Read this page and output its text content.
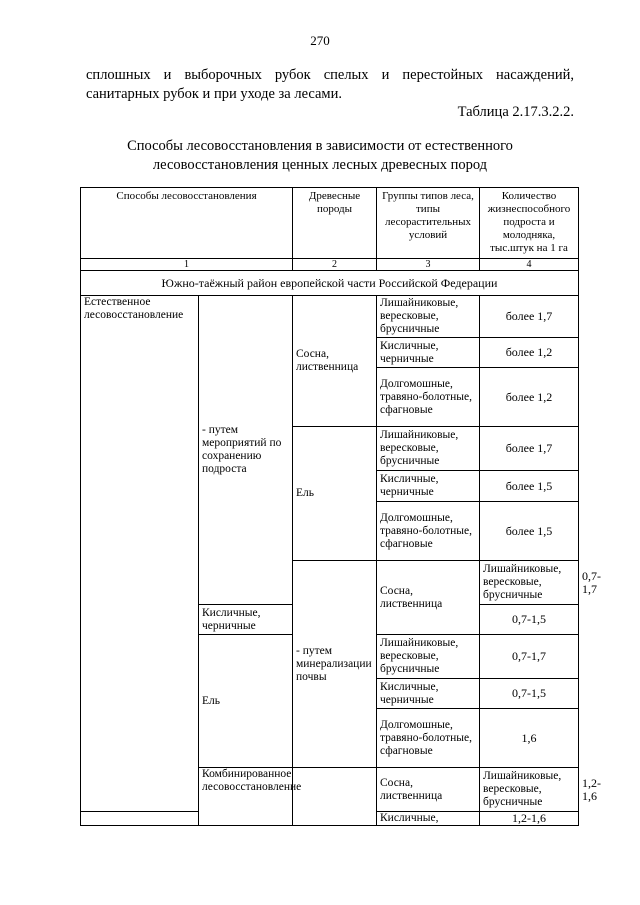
270
сплошных и выборочных рубок спелых и перестойных насаждений,
санитарных рубок и при уходе за лесами.
Таблица 2.17.3.2.2.
Способы лесовосстановления в зависимости от естественного
лесовосстановления ценных лесных древесных пород
Способы лесовосстановления		Древесные породы	Группы типов леса, типы лесорастительных условий	Количество жизнеспособного подроста и молодняка, тыс.штук на 1 га	
1		2	3	4	
Южно-таёжный район европейской части Российской Федерации					
Естественное лесовосстановление	- путем мероприятий по сохранению подроста	Сосна, лиственница	Лишайниковые, вересковые, брусничные	более 1,7	
			Кисличные, черничные	более 1,2	
			Долгомошные, травяно-болотные, сфагновые	более 1,2	
		Ель	Лишайниковые, вересковые, брусничные	более 1,7	
			Кисличные, черничные	более 1,5	
			Долгомошные, травяно-болотные, сфагновые	более 1,5	
		- путем минерализации почвы	Сосна, лиственница	Лишайниковые, вересковые, брусничные	0,7-1,7
	Кисличные, черничные			0,7-1,5	
	Ель		Лишайниковые, вересковые, брусничные	0,7-1,7	
			Кисличные, черничные	0,7-1,5	
			Долгомошные, травяно-болотные, сфагновые	1,6	
	Комбинированное лесовосстановление		Сосна, лиственница	Лишайниковые, вересковые, брусничные	1,2-1,6
			Кисличные,	1,2-1,6	
